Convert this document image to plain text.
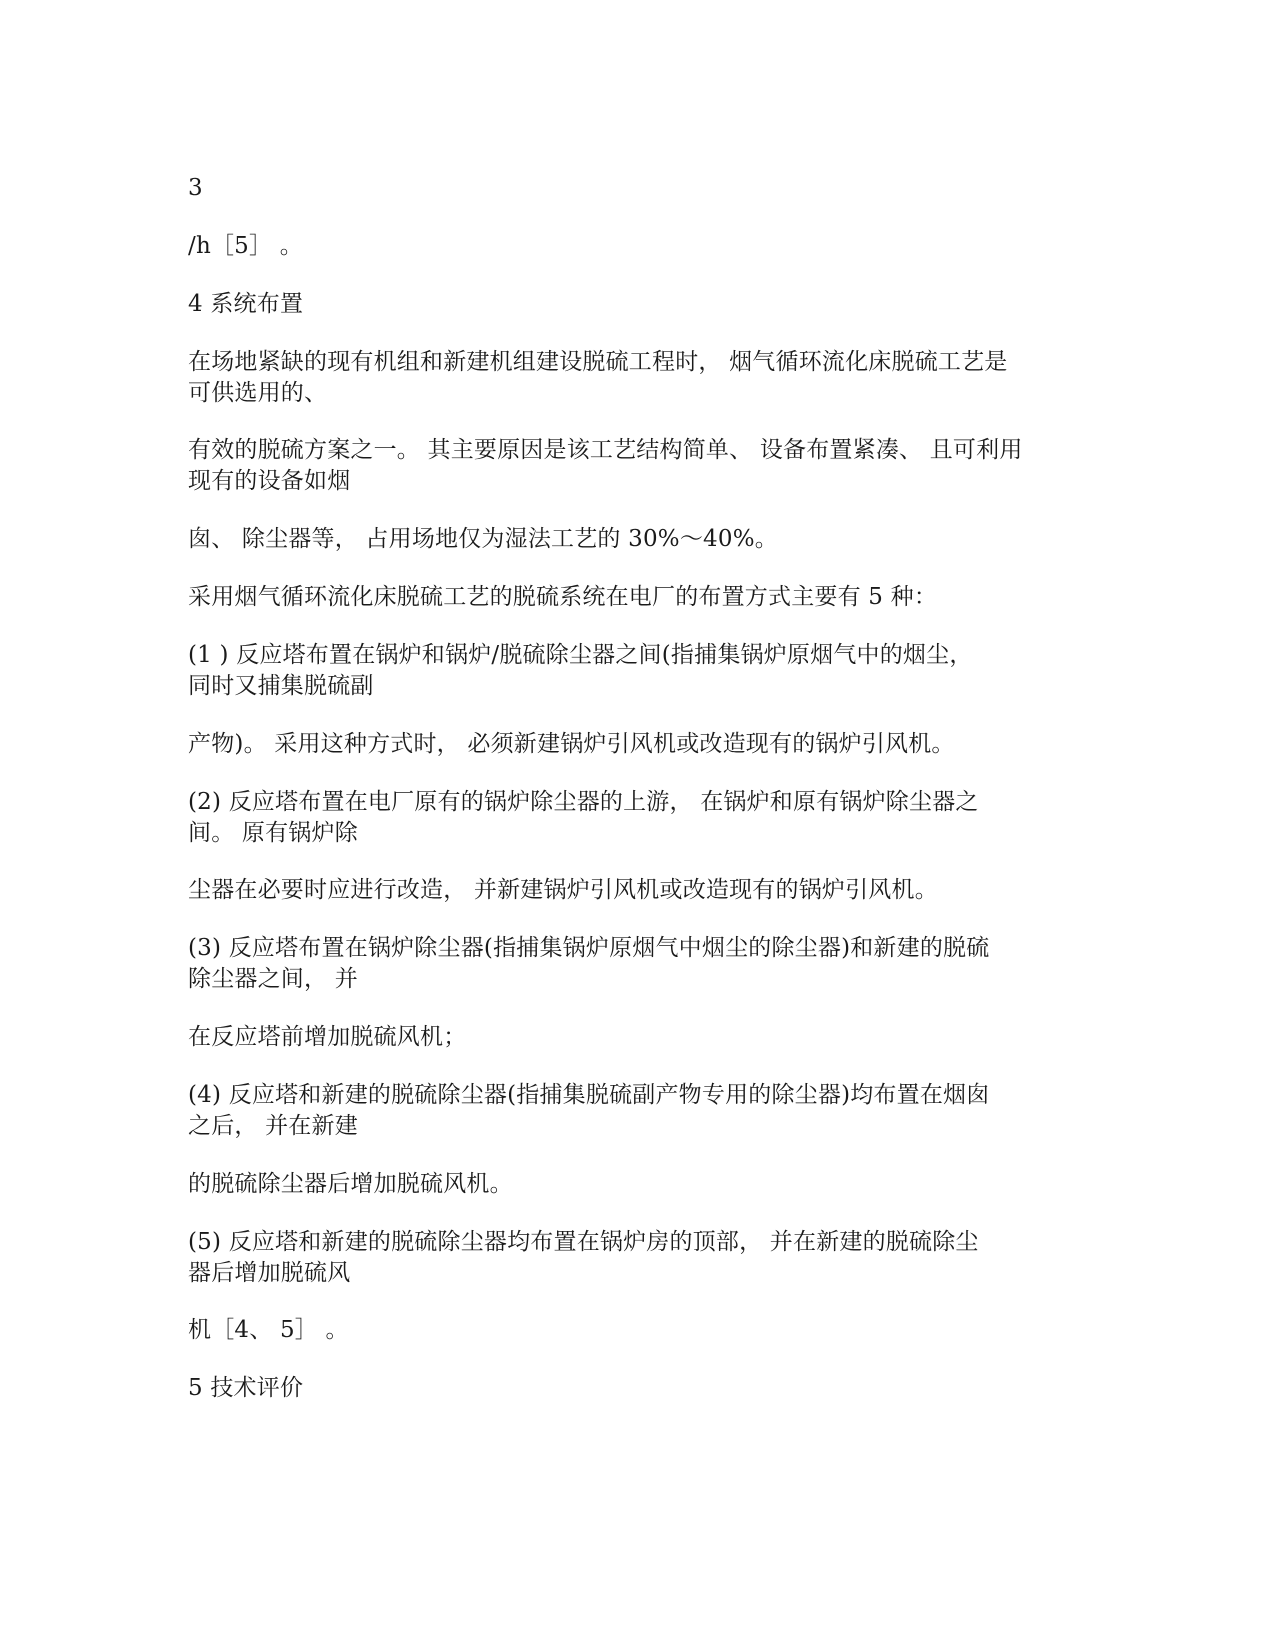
3

/h［5］ 。

4 系统布置

在场地紧缺的现有机组和新建机组建设脱硫工程时， 烟气循环流化床脱硫工艺是

可供选用的、

有效的脱硫方案之一。 其主要原因是该工艺结构简单、 设备布置紧凑、 且可利用

现有的设备如烟

囱、 除尘器等， 占用场地仅为湿法工艺的 30%～40%。

采用烟气循环流化床脱硫工艺的脱硫系统在电厂的布置方式主要有 5 种：

(1 ) 反应塔布置在锅炉和锅炉/脱硫除尘器之间(指捕集锅炉原烟气中的烟尘，

同时又捕集脱硫副

产物)。 采用这种方式时， 必须新建锅炉引风机或改造现有的锅炉引风机。

(2) 反应塔布置在电厂原有的锅炉除尘器的上游， 在锅炉和原有锅炉除尘器之

间。 原有锅炉除

尘器在必要时应进行改造， 并新建锅炉引风机或改造现有的锅炉引风机。

(3) 反应塔布置在锅炉除尘器(指捕集锅炉原烟气中烟尘的除尘器)和新建的脱硫

除尘器之间， 并

在反应塔前增加脱硫风机；

(4) 反应塔和新建的脱硫除尘器(指捕集脱硫副产物专用的除尘器)均布置在烟囱

之后， 并在新建

的脱硫除尘器后增加脱硫风机。

(5) 反应塔和新建的脱硫除尘器均布置在锅炉房的顶部， 并在新建的脱硫除尘

器后增加脱硫风

机［4、 5］ 。

5 技术评价
